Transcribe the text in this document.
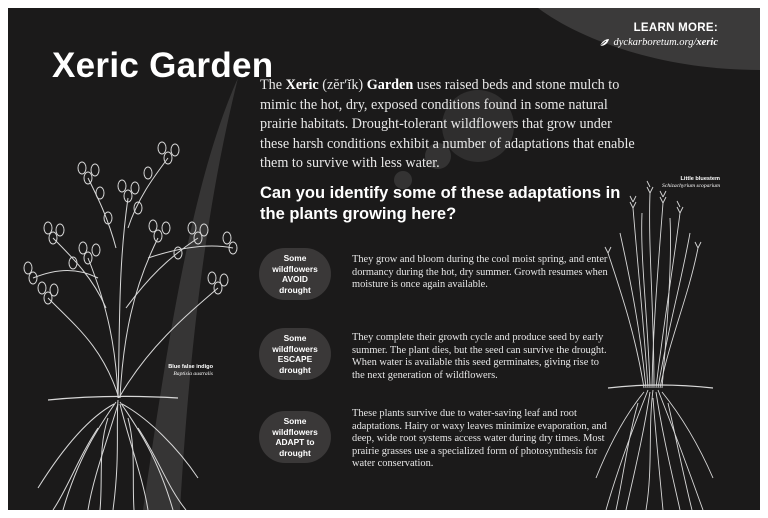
Xeric Garden
LEARN MORE:
dyckarboretum.org/xeric

The Xeric (zĕrʹĭk) Garden uses raised beds and stone mulch to mimic the hot, dry, exposed conditions found in some natural prairie habitats. Drought-tolerant wildflowers that grow under these harsh conditions exhibit a number of adaptations that enable them to survive with less water.

Can you identify some of these adaptations in the plants growing here?
Some
wildflowers
AVOID
drought

They grow and bloom during the cool moist spring, and enter dormancy during the hot, dry summer. Growth resumes when moisture is once again available.

Some
wildflowers
ESCAPE
drought

They complete their growth cycle and produce seed by early summer. The plant dies, but the seed can survive the drought. When water is available this seed germinates, giving rise to the next generation of wildflowers.

Some
wildflowers
ADAPT to
drought

These plants survive due to water-saving leaf and root adaptations. Hairy or waxy leaves minimize evaporation, and deep, wide root systems access water during dry times. Most prairie grasses use a specialized form of photosynthesis for water conservation.

Blue false indigo
Baptisia australis
Little bluestem
Schizachyrium scoparium
